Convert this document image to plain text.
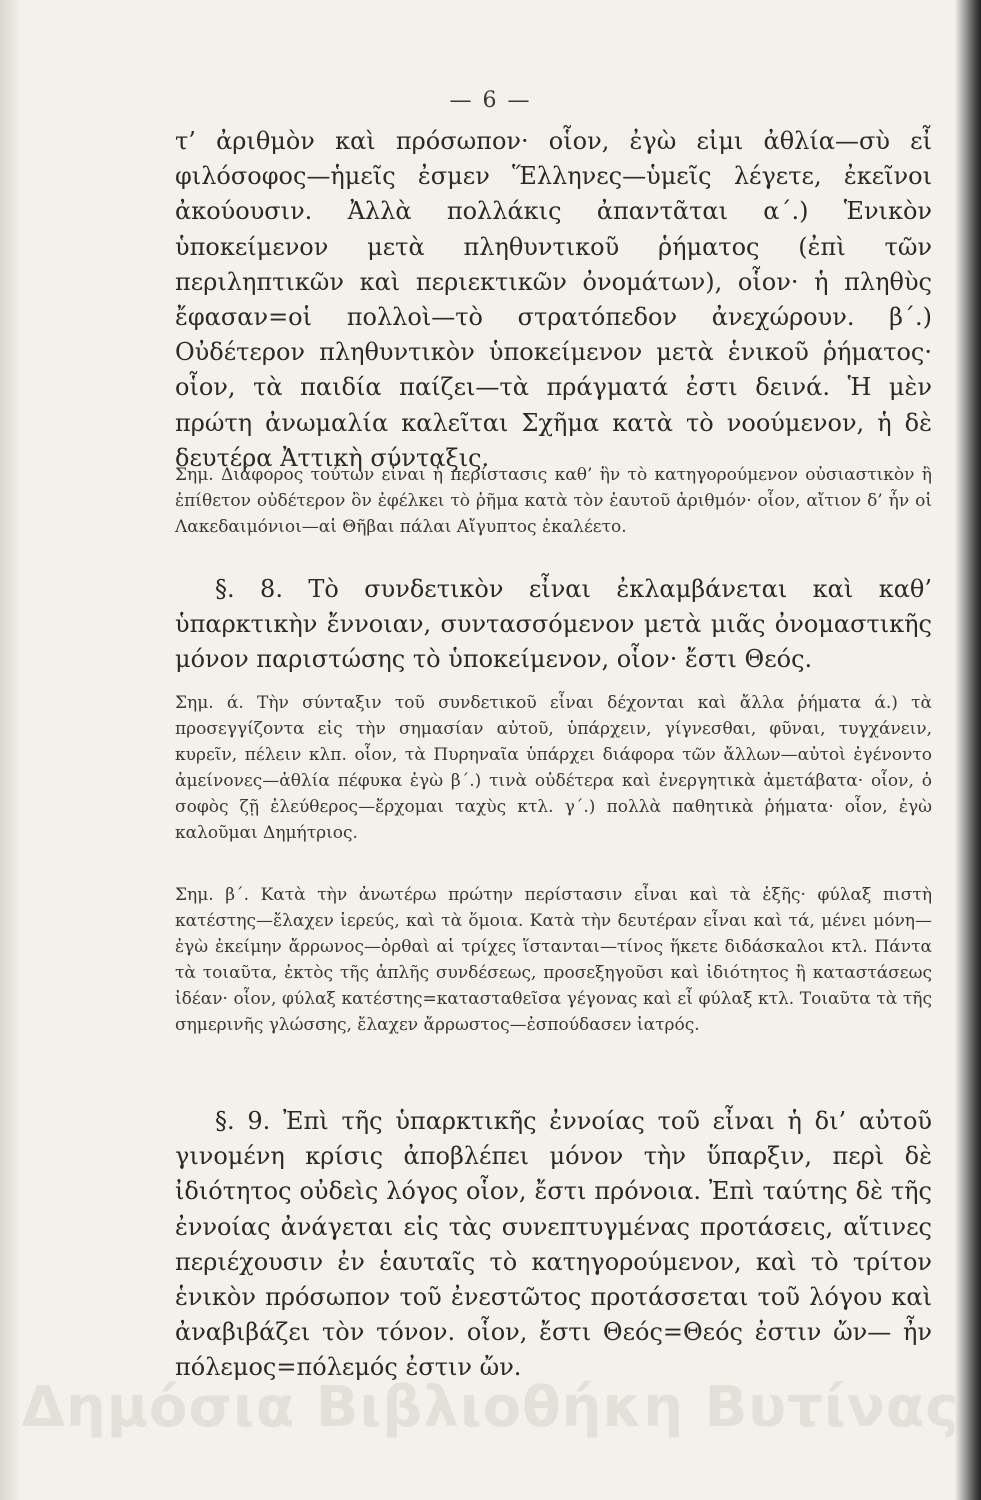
— 6 —

τ’ ἀριθμὸν καὶ πρόσωπον· οἷον, ἐγὼ εἰμι ἀθλία—σὺ εἶ φιλόσοφος—ἡμεῖς ἐσμεν Ἕλληνες—ὑμεῖς λέγετε, ἐκεῖνοι ἀκούουσιν. Ἀλλὰ πολλάκις ἀπαντᾶται α΄.) Ἑνικὸν ὑποκείμενον μετὰ πληθυντικοῦ ῥήματος (ἐπὶ τῶν περιληπτικῶν καὶ περιεκτικῶν ὀνομάτων), οἷον· ἡ πληθὺς ἔφασαν=οἱ πολλοὶ—τὸ στρατόπεδον ἀνεχώρουν. β΄.) Οὐδέτερον πληθυντικὸν ὑποκείμενον μετὰ ἑνικοῦ ῥήματος· οἷον, τὰ παιδία παίζει—τὰ πράγματά ἐστι δεινά. Ἡ μὲν πρώτη ἀνωμαλία καλεῖται Σχῆμα κατὰ τὸ νοούμενον, ἡ δὲ δευτέρα Ἀττικὴ σύνταξις.

Σημ. Διάφορος τούτων εἶναι ἡ περίστασις καθ’ ἣν τὸ κατηγορούμενον οὐσιαστικὸν ἢ ἐπίθετον οὐδέτερον ὂν ἐφέλκει τὸ ῥῆμα κατὰ τὸν ἑαυτοῦ ἀριθμόν· οἷον, αἴτιον δ’ ἦν οἱ Λακεδαιμόνιοι—αἱ Θῆβαι πάλαι Αἴγυπτος ἐκαλέετο.

§. 8. Τὸ συνδετικὸν εἶναι ἐκλαμβάνεται καὶ καθ’ ὑπαρκτικὴν ἔννοιαν, συντασσόμενον μετὰ μιᾶς ὀνομαστικῆς μόνον παριστώσης τὸ ὑποκείμενον, οἷον· ἔστι Θεός.

Σημ. ά. Τὴν σύνταξιν τοῦ συνδετικοῦ εἶναι δέχονται καὶ ἄλλα ῥήματα ά.) τὰ προσεγγίζοντα εἰς τὴν σημασίαν αὐτοῦ, ὑπάρχειν, γίγνεσθαι, φῦναι, τυγχάνειν, κυρεῖν, πέλειν κλπ. οἷον, τὰ Πυρηναῖα ὑπάρχει διάφορα τῶν ἄλλων—αὐτοὶ ἐγένοντο ἀμείνονες—ἀθλία πέφυκα ἐγὼ β΄.) τινὰ οὐδέτερα καὶ ἐνεργητικὰ ἀμετάβατα· οἷον, ὁ σοφὸς ζῇ ἐλεύθερος—ἔρχομαι ταχὺς κτλ. γ΄.) πολλὰ παθητικὰ ῥήματα· οἷον, ἐγὼ καλοῦμαι Δημήτριος.

Σημ. β΄. Κατὰ τὴν ἀνωτέρω πρώτην περίστασιν εἶναι καὶ τὰ ἑξῆς· φύλαξ πιστὴ κατέστης—ἔλαχεν ἱερεύς, καὶ τὰ ὅμοια. Κατὰ τὴν δευτέραν εἶναι καὶ τά, μένει μόνη—ἐγὼ ἐκείμην ἄρρωνος—ὀρθαὶ αἱ τρίχες ἵστανται—τίνος ἥκετε διδάσκαλοι κτλ. Πάντα τὰ τοιαῦτα, ἐκτὸς τῆς ἁπλῆς συνδέσεως, προσεξηγοῦσι καὶ ἰδιότητος ἢ καταστάσεως ἰδέαν· οἷον, φύλαξ κατέστης=κατασταθεῖσα γέγονας καὶ εἶ φύλαξ κτλ. Τοιαῦτα τὰ τῆς σημερινῆς γλώσσης, ἔλαχεν ἄρρωστος—ἐσπούδασεν ἰατρός.

§. 9. Ἐπὶ τῆς ὑπαρκτικῆς ἐννοίας τοῦ εἶναι ἡ δι’ αὐτοῦ γινομένη κρίσις ἀποβλέπει μόνον τὴν ὕπαρξιν, περὶ δὲ ἰδιότητος οὐδεὶς λόγος οἷον, ἔστι πρόνοια. Ἐπὶ ταύτης δὲ τῆς ἐννοίας ἀνάγεται εἰς τὰς συνεπτυγμένας προτάσεις, αἵτινες περιέχουσιν ἐν ἑαυταῖς τὸ κατηγορούμενον, καὶ τὸ τρίτον ἑνικὸν πρόσωπον τοῦ ἐνεστῶτος προτάσσεται τοῦ λόγου καὶ ἀναβιβάζει τὸν τόνον. οἷον, ἔστι Θεός=Θεός ἐστιν ὤν— ἦν πόλεμος=πόλεμός ἐστιν ὤν.

Δημόσια Βιβλιοθήκη Βυτίνας
